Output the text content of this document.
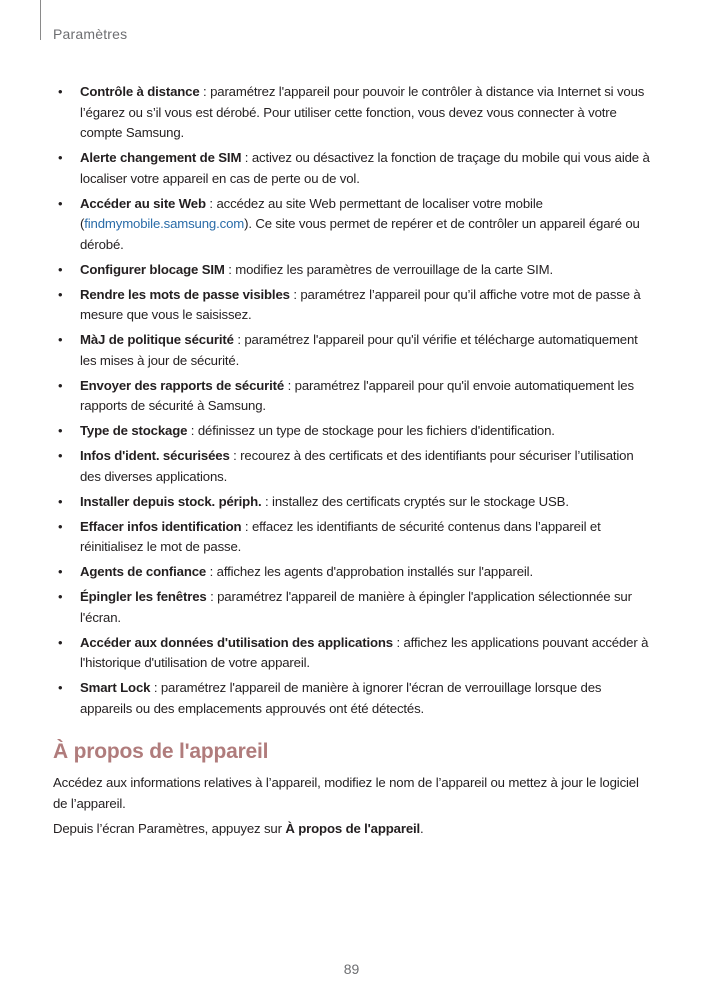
Paramètres
• Contrôle à distance : paramétrez l'appareil pour pouvoir le contrôler à distance via Internet si vous l’égarez ou s’il vous est dérobé. Pour utiliser cette fonction, vous devez vous connecter à votre compte Samsung.
• Alerte changement de SIM : activez ou désactivez la fonction de traçage du mobile qui vous aide à localiser votre appareil en cas de perte ou de vol.
• Accéder au site Web : accédez au site Web permettant de localiser votre mobile (findmymobile.samsung.com). Ce site vous permet de repérer et de contrôler un appareil égaré ou dérobé.
• Configurer blocage SIM : modifiez les paramètres de verrouillage de la carte SIM.
• Rendre les mots de passe visibles : paramétrez l’appareil pour qu’il affiche votre mot de passe à mesure que vous le saisissez.
• MàJ de politique sécurité : paramétrez l'appareil pour qu'il vérifie et télécharge automatiquement les mises à jour de sécurité.
• Envoyer des rapports de sécurité : paramétrez l'appareil pour qu'il envoie automatiquement les rapports de sécurité à Samsung.
• Type de stockage : définissez un type de stockage pour les fichiers d'identification.
• Infos d'ident. sécurisées : recourez à des certificats et des identifiants pour sécuriser l’utilisation des diverses applications.
• Installer depuis stock. périph. : installez des certificats cryptés sur le stockage USB.
• Effacer infos identification : effacez les identifiants de sécurité contenus dans l’appareil et réinitialisez le mot de passe.
• Agents de confiance : affichez les agents d'approbation installés sur l'appareil.
• Épingler les fenêtres : paramétrez l'appareil de manière à épingler l'application sélectionnée sur l'écran.
• Accéder aux données d'utilisation des applications : affichez les applications pouvant accéder à l'historique d'utilisation de votre appareil.
• Smart Lock : paramétrez l'appareil de manière à ignorer l'écran de verrouillage lorsque des appareils ou des emplacements approuvés ont été détectés.
À propos de l'appareil

Accédez aux informations relatives à l’appareil, modifiez le nom de l’appareil ou mettez à jour le logiciel de l’appareil.

Depuis l’écran Paramètres, appuyez sur À propos de l'appareil.

89
